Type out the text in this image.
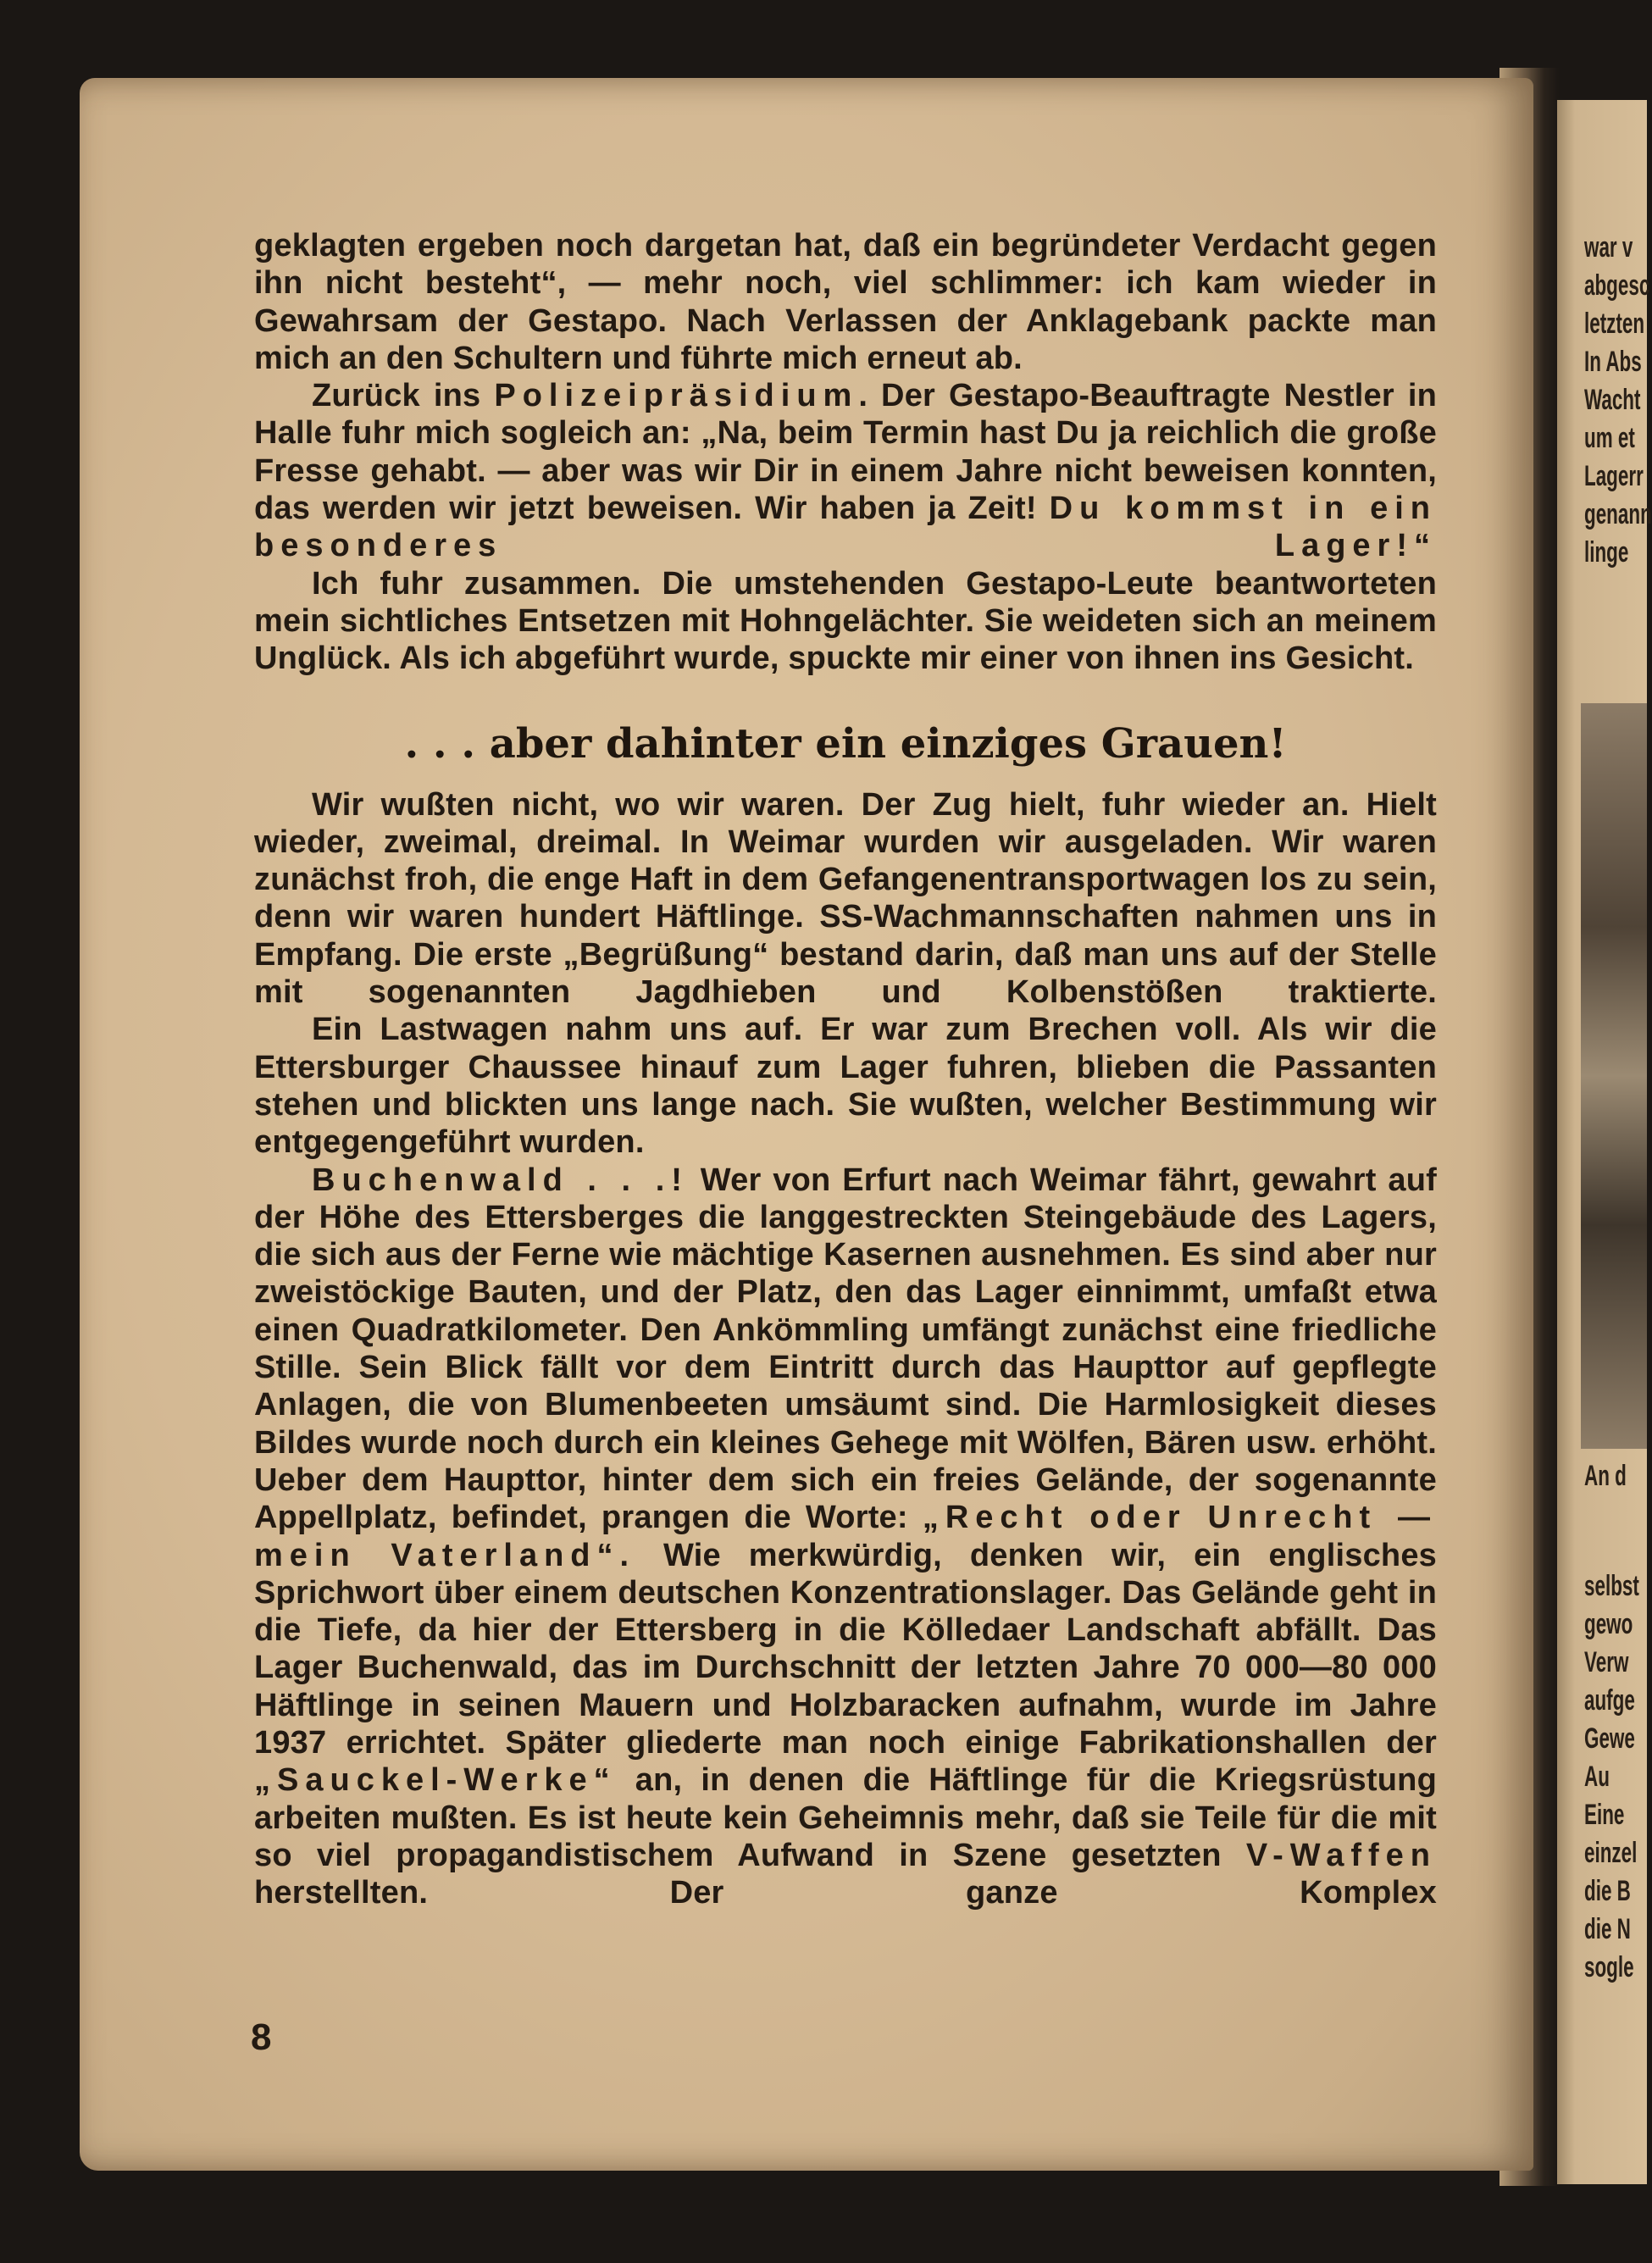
war v
abgesc
letzten
In Abs
Wacht
um et
Lagerr
genann
linge
An d
selbst
gewo
Verw
aufge
Gewe
Au
Eine
einzel
die B
die N
sogle

geklagten ergeben noch dargetan hat, daß ein begründeter Verdacht gegen ihn nicht besteht“, — mehr noch, viel schlimmer: ich kam wieder in Gewahrsam der Gestapo. Nach Verlassen der Anklagebank packte man mich an den Schultern und führte mich erneut ab.

Zurück ins Polizeipräsidium. Der Gestapo-Beauftragte Nestler in Halle fuhr mich sogleich an: „Na, beim Termin hast Du ja reichlich die große Fresse gehabt. — aber was wir Dir in einem Jahre nicht beweisen konnten, das werden wir jetzt beweisen. Wir haben ja Zeit! Du kommst in ein besonderes Lager!“

Ich fuhr zusammen. Die umstehenden Gestapo-Leute beantworteten mein sichtliches Entsetzen mit Hohngelächter. Sie weideten sich an meinem Unglück. Als ich abgeführt wurde, spuckte mir einer von ihnen ins Gesicht.

. . . aber dahinter ein einziges Grauen!

Wir wußten nicht, wo wir waren. Der Zug hielt, fuhr wieder an. Hielt wieder, zweimal, dreimal. In Weimar wurden wir ausgeladen. Wir waren zunächst froh, die enge Haft in dem Gefangenentransportwagen los zu sein, denn wir waren hundert Häftlinge. SS-Wachmannschaften nahmen uns in Empfang. Die erste „Begrüßung“ bestand darin, daß man uns auf der Stelle mit sogenannten Jagdhieben und Kolbenstößen traktierte.

Ein Lastwagen nahm uns auf. Er war zum Brechen voll. Als wir die Ettersburger Chaussee hinauf zum Lager fuhren, blieben die Passanten stehen und blickten uns lange nach. Sie wußten, welcher Bestimmung wir entgegengeführt wurden.

Buchenwald . . .! Wer von Erfurt nach Weimar fährt, gewahrt auf der Höhe des Ettersberges die langgestreckten Steingebäude des Lagers, die sich aus der Ferne wie mächtige Kasernen ausnehmen. Es sind aber nur zweistöckige Bauten, und der Platz, den das Lager einnimmt, umfaßt etwa einen Quadratkilometer. Den Ankömmling umfängt zunächst eine friedliche Stille. Sein Blick fällt vor dem Eintritt durch das Haupttor auf gepflegte Anlagen, die von Blumenbeeten umsäumt sind. Die Harmlosigkeit dieses Bildes wurde noch durch ein kleines Gehege mit Wölfen, Bären usw. erhöht. Ueber dem Haupttor, hinter dem sich ein freies Gelände, der sogenannte Appellplatz, befindet, prangen die Worte: „Recht oder Unrecht — mein Vaterland“. Wie merkwürdig, denken wir, ein englisches Sprichwort über einem deutschen Konzentrationslager. Das Gelände geht in die Tiefe, da hier der Ettersberg in die Kölledaer Landschaft abfällt. Das Lager Buchenwald, das im Durchschnitt der letzten Jahre 70 000—80 000 Häftlinge in seinen Mauern und Holzbaracken aufnahm, wurde im Jahre 1937 errichtet. Später gliederte man noch einige Fabrikationshallen der „Sauckel-Werke“ an, in denen die Häftlinge für die Kriegsrüstung arbeiten mußten. Es ist heute kein Geheimnis mehr, daß sie Teile für die mit so viel propagandistischem Aufwand in Szene gesetzten V-Waffen herstellten. Der ganze Komplex

8
